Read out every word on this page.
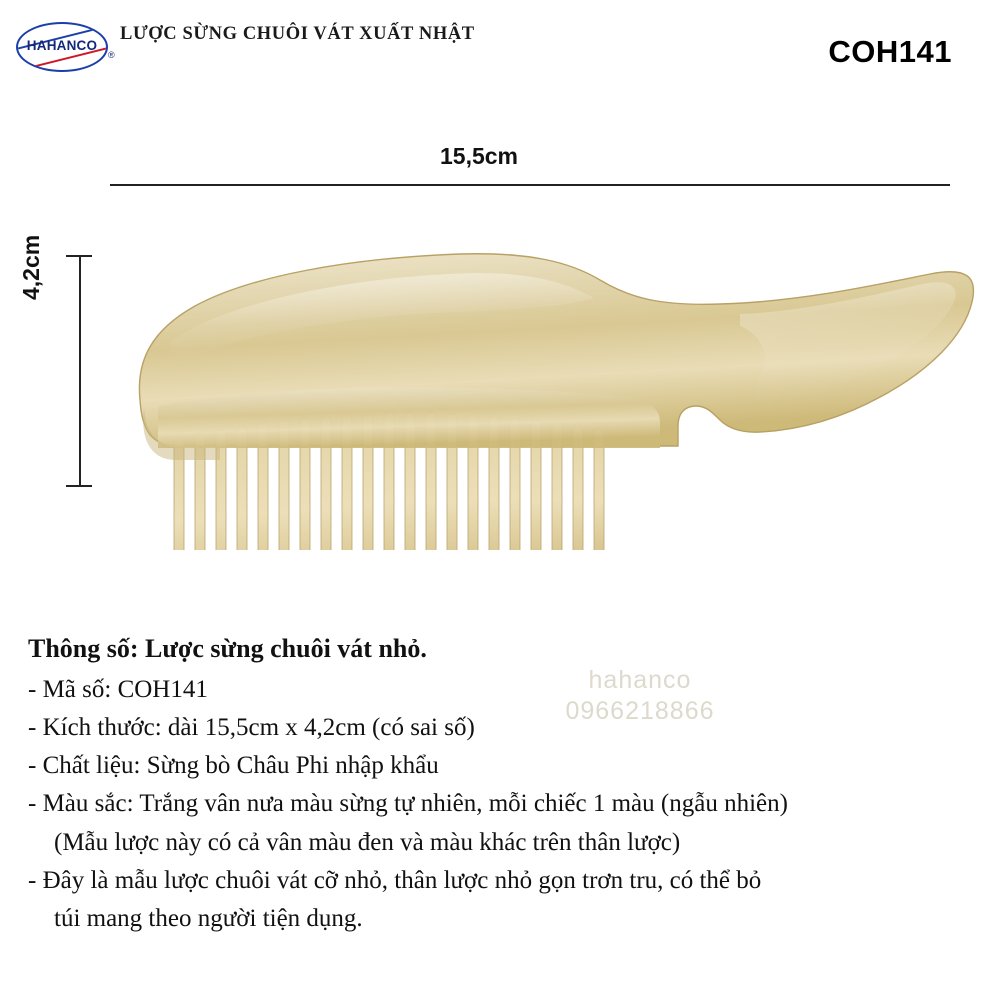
HAHANCO
®
LƯỢC SỪNG CHUÔI VÁT XUẤT NHẬT	COH141
15,5cm
4,2cm
hahanco
0966218866
Thông số: Lược sừng chuôi vát nhỏ.
- Mã số: COH141
- Kích thước: dài 15,5cm x 4,2cm (có sai số)
- Chất liệu: Sừng bò Châu Phi nhập khẩu
- Màu sắc: Trắng vân nưa màu sừng tự nhiên, mỗi chiếc 1 màu (ngẫu nhiên)
(Mẫu lược này có cả vân màu đen và màu khác trên thân lược)
- Đây là mẫu lược chuôi vát cỡ nhỏ, thân lược nhỏ gọn trơn tru, có thể bỏ
túi mang theo người tiện dụng.
